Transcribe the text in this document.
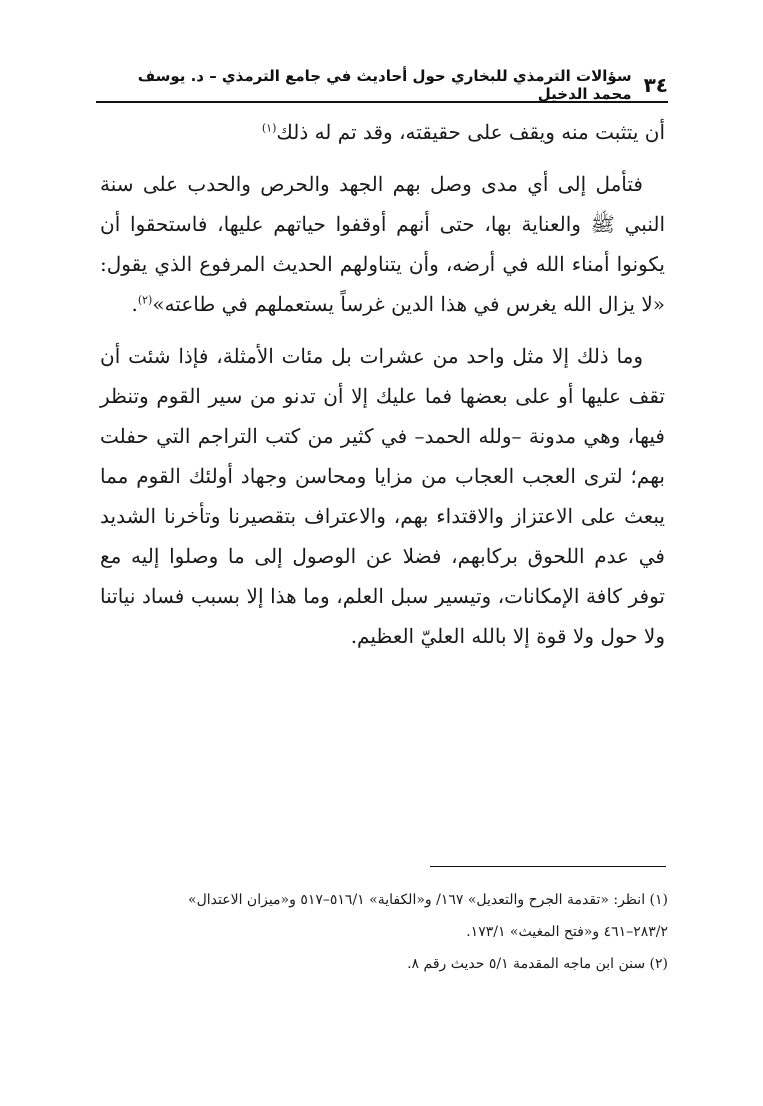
٣٤
سؤالات الترمذي للبخاري حول أحاديث في جامع الترمذي – د. يوسف محمد الدخيل

أن يتثبت منه ويقف على حقيقته، وقد تم له ذلك$^{(١)}$

فتأمل إلى أي مدى وصل بهم الجهد والحرص والحدب على سنة النبي ﷺ والعناية بها، حتى أنهم أوقفوا حياتهم عليها، فاستحقوا أن يكونوا أمناء الله في أرضه، وأن يتناولهم الحديث المرفوع الذي يقول: «لا يزال الله يغرس في هذا الدين غرساً يستعملهم في طاعته»$^{(٢)}$.

وما ذلك إلا مثل واحد من عشرات بل مئات الأمثلة، فإذا شئت أن تقف عليها أو على بعضها فما عليك إلا أن تدنو من سير القوم وتنظر فيها، وهي مدونة –ولله الحمد– في كثير من كتب التراجم التي حفلت بهم؛ لترى العجب العجاب من مزايا ومحاسن وجهاد أولئك القوم مما يبعث على الاعتزاز والاقتداء بهم، والاعتراف بتقصيرنا وتأخرنا الشديد في عدم اللحوق بركابهم، فضلا عن الوصول إلى ما وصلوا إليه مع توفر كافة الإمكانات، وتيسير سبل العلم، وما هذا إلا بسبب فساد نياتنا ولا حول ولا قوة إلا بالله العليّ العظيم.

(١) انظر: «تقدمة الجرح والتعديل» ١٦٧/ و«الكفاية» ٥١٦/١–٥١٧ و«ميزان الاعتدال»

٢٨٣/٢–٤٦١ و«فتح المغيث» ١٧٣/١.

(٢) سنن ابن ماجه المقدمة ٥/١ حديث رقم ٨.
